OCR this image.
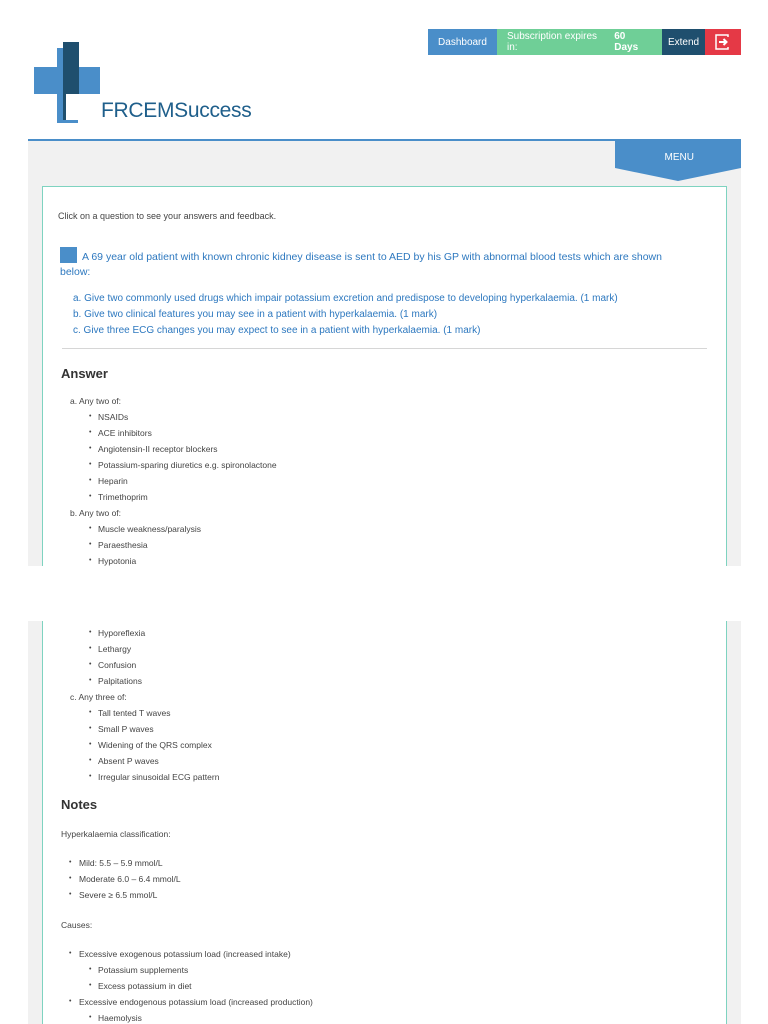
Dashboard	Subscription expires in:
60 Days	Extend
FRCEMSuccess
MENU
Click on a question to see your answers and feedback.
A 69 year old patient with known chronic kidney disease is sent to AED by his GP with abnormal blood tests which are shown below:
a. Give two commonly used drugs which impair potassium excretion and predispose to developing hyperkalaemia. (1 mark)
b. Give two clinical features you may see in a patient with hyperkalaemia. (1 mark)
c. Give three ECG changes you may expect to see in a patient with hyperkalaemia. (1 mark)
Answer
a. Any two of:
• NSAIDs
• ACE inhibitors
• Angiotensin-II receptor blockers
• Potassium-sparing diuretics e.g. spironolactone
• Heparin
• Trimethoprim
b. Any two of:
• Muscle weakness/paralysis
• Paraesthesia
• Hypotonia
• Hyporeflexia
• Lethargy
• Confusion
• Palpitations
c. Any three of:
• Tall tented T waves
• Small P waves
• Widening of the QRS complex
• Absent P waves
• Irregular sinusoidal ECG pattern
Notes
Hyperkalaemia classification:
• Mild: 5.5 – 5.9 mmol/L
• Moderate 6.0 – 6.4 mmol/L
• Severe ≥ 6.5 mmol/L
Causes:
• Excessive exogenous potassium load (increased intake)
• Potassium supplements
• Excess potassium in diet
• Excessive endogenous potassium load (increased production)
• Haemolysis
